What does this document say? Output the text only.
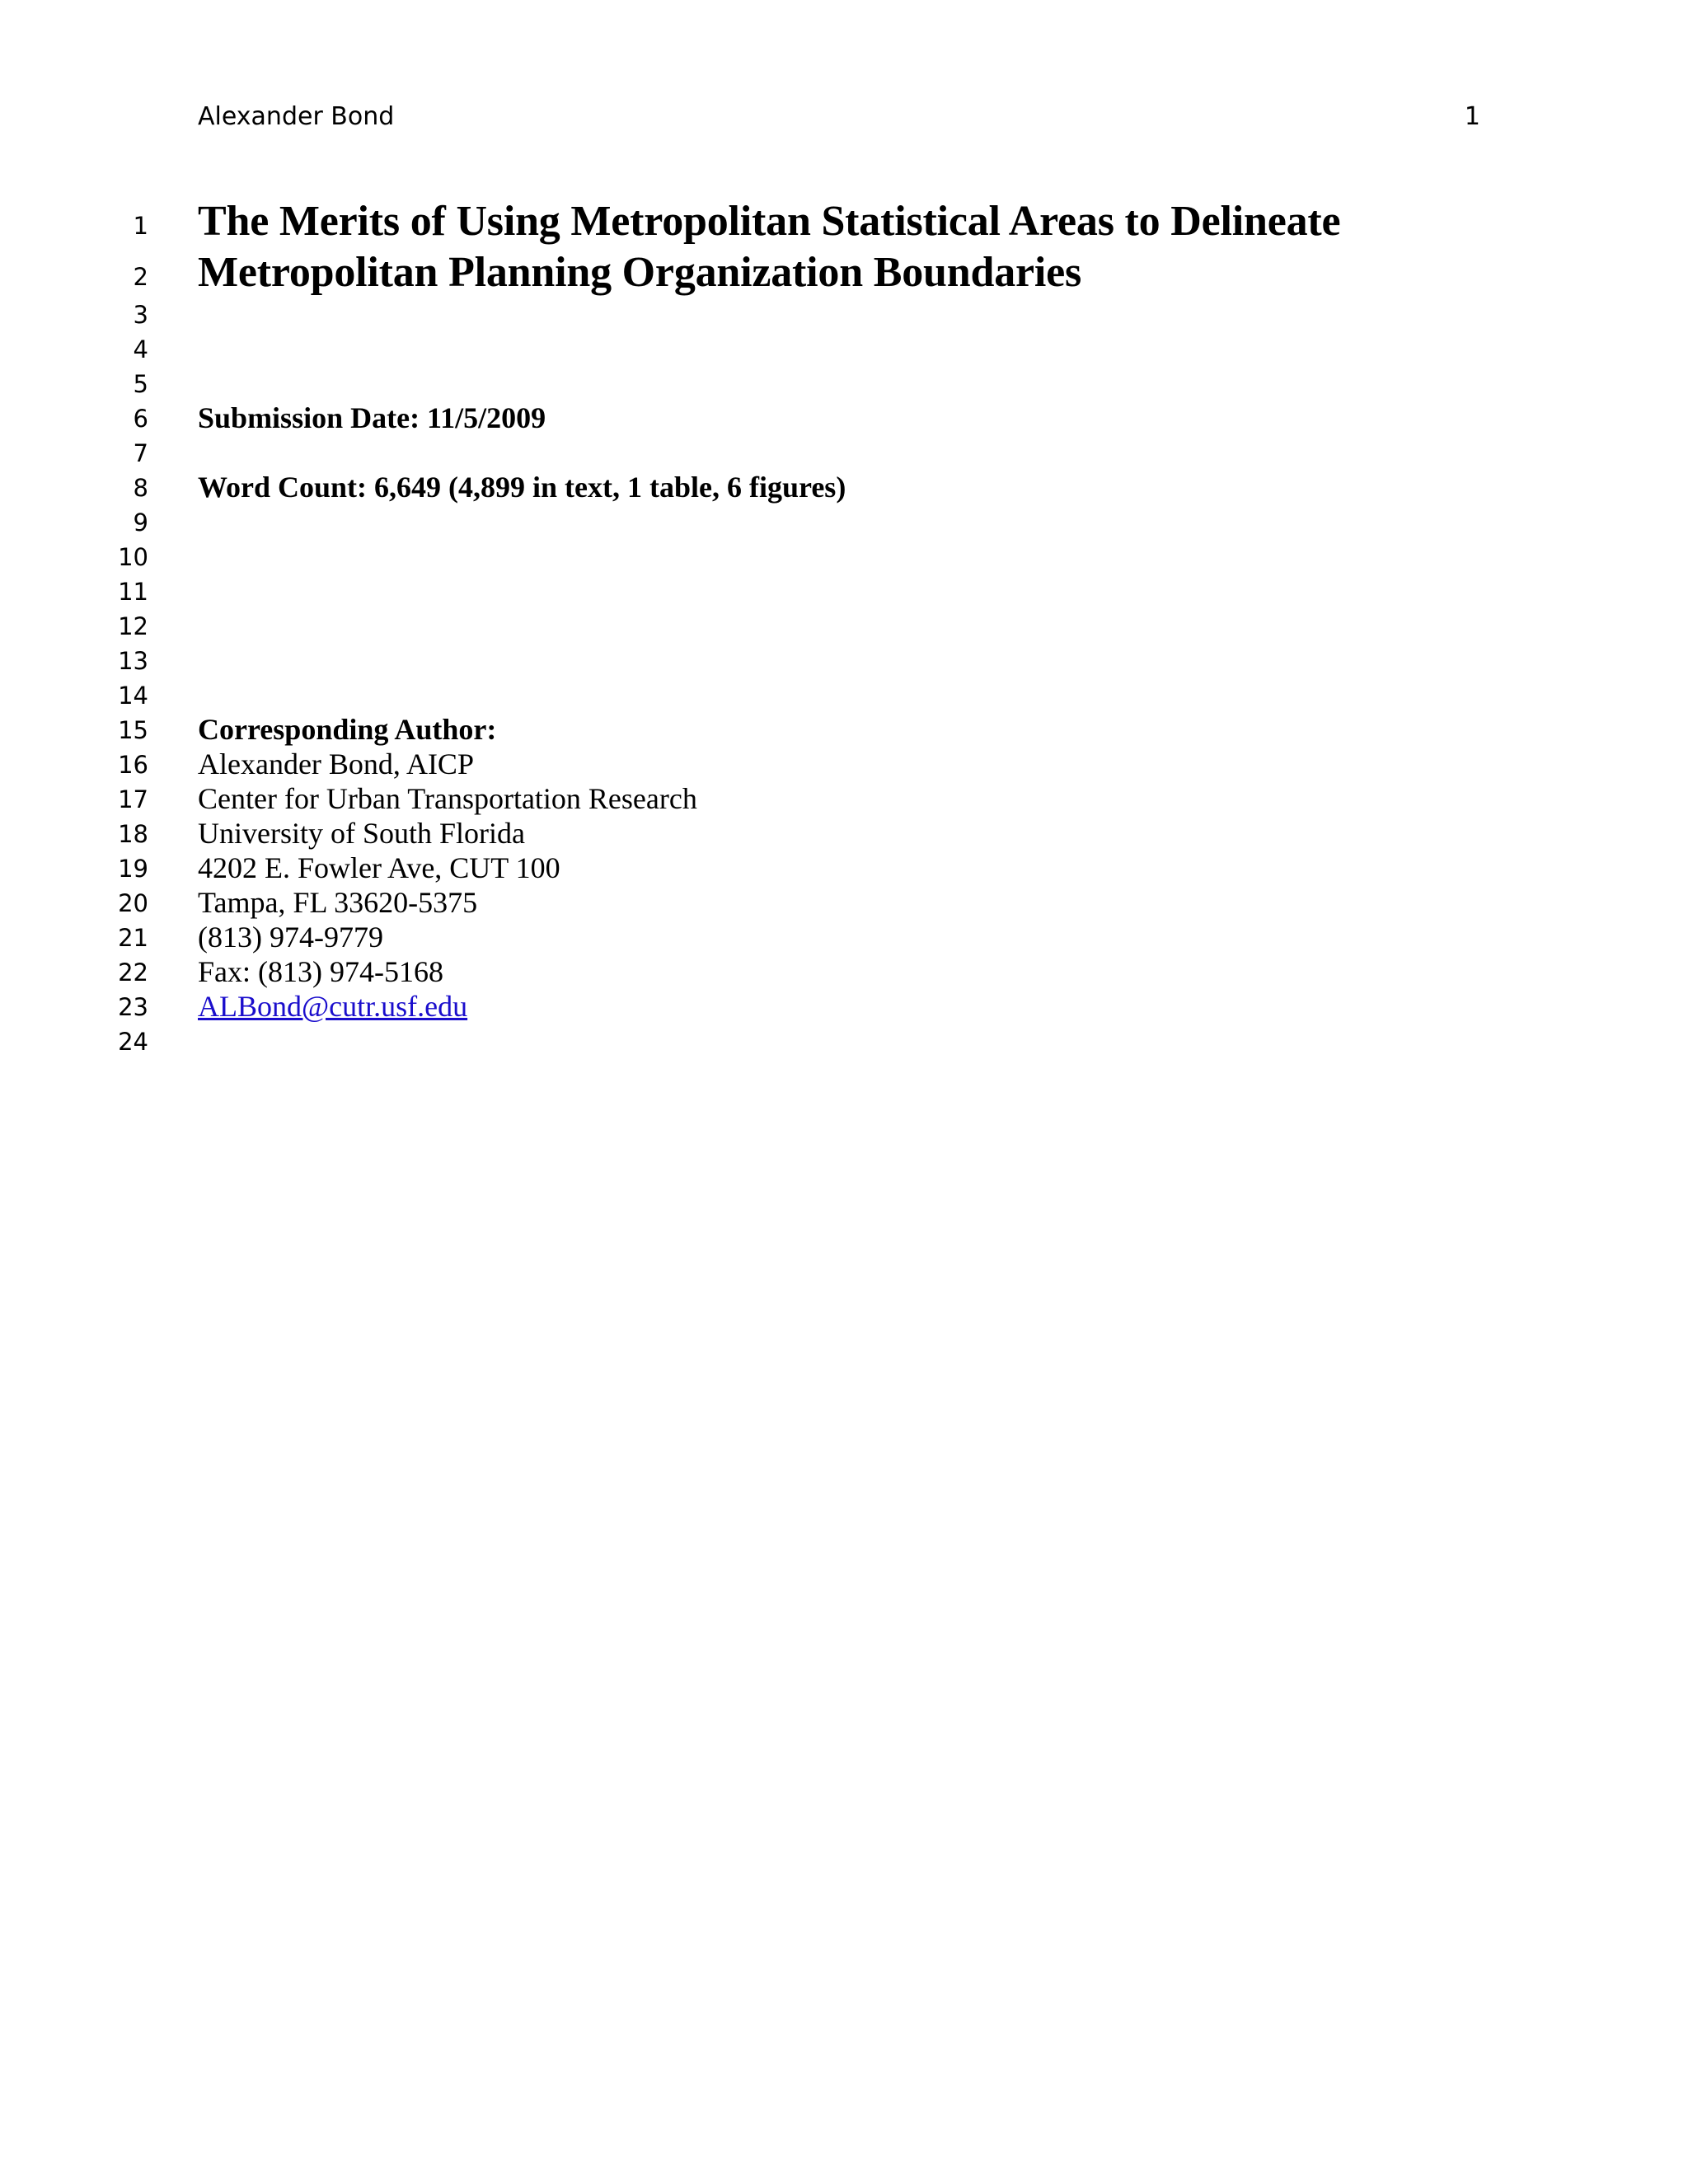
Alexander Bond	1
1
2
3
4
5
6
7
8
9
10
11
12
13
14
15
16
17
18
19
20
21
22
23
24
The Merits of Using Metropolitan Statistical Areas to Delineate
Metropolitan Planning Organization Boundaries
Submission Date: 11/5/2009
Word Count: 6,649 (4,899 in text, 1 table, 6 figures)
Corresponding Author:
Alexander Bond, AICP
Center for Urban Transportation Research
University of South Florida
4202 E. Fowler Ave, CUT 100
Tampa, FL 33620-5375
(813) 974-9779
Fax: (813) 974-5168
ALBond@cutr.usf.edu
